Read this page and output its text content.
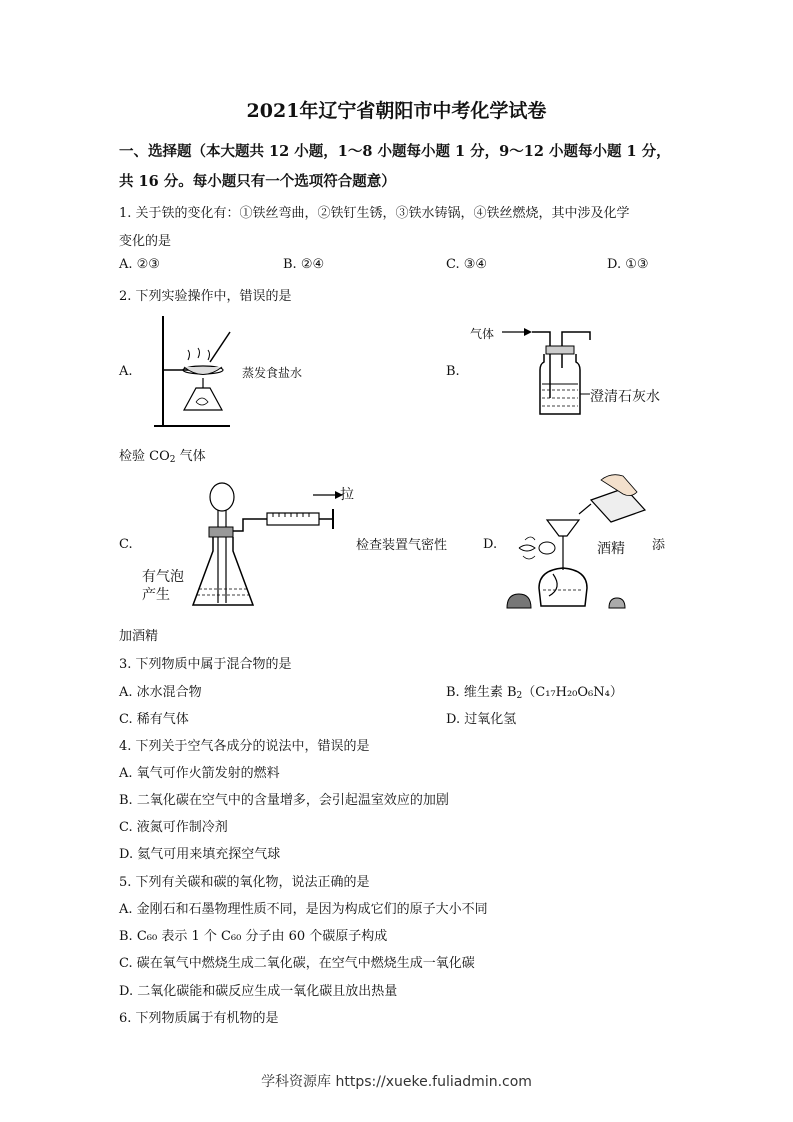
2021年辽宁省朝阳市中考化学试卷
一、选择题（本大题共 12 小题，1～8 小题每小题 1 分，9～12 小题每小题 1 分，
共 16 分。每小题只有一个选项符合题意）
1. 关于铁的变化有：①铁丝弯曲，②铁钉生锈，③铁水铸锅，④铁丝燃烧，其中涉及化学
变化的是
A. ②③	B. ②④	C. ③④	D. ①③
2. 下列实验操作中，错误的是
A.	蒸发食盐水	B.
气体
澄清石灰水
检验 $CO_2$ 气体
C.
拉
有气泡
产生
检查装置气密性	D.	酒精 添
加酒精
3. 下列物质中属于混合物的是
A. 冰水混合物	B. 维生素 $B_2(C_{17}H_{20}O_6N_4)$
C. 稀有气体	D. 过氧化氢
4. 下列关于空气各成分的说法中，错误的是
A. 氧气可作火箭发射的燃料
B. 二氧化碳在空气中的含量增多，会引起温室效应的加剧
C. 液氮可作制冷剂
D. 氦气可用来填充探空气球
5. 下列有关碳和碳的氧化物，说法正确的是
A. 金刚石和石墨物理性质不同，是因为构成它们的原子大小不同
B. C₆₀ 表示 1 个 C₆₀ 分子由 60 个碳原子构成
C. 碳在氧气中燃烧生成二氧化碳，在空气中燃烧生成一氧化碳
D. 二氧化碳能和碳反应生成一氧化碳且放出热量
6. 下列物质属于有机物的是
学科资源库 https://xueke.fuliadmin.com
